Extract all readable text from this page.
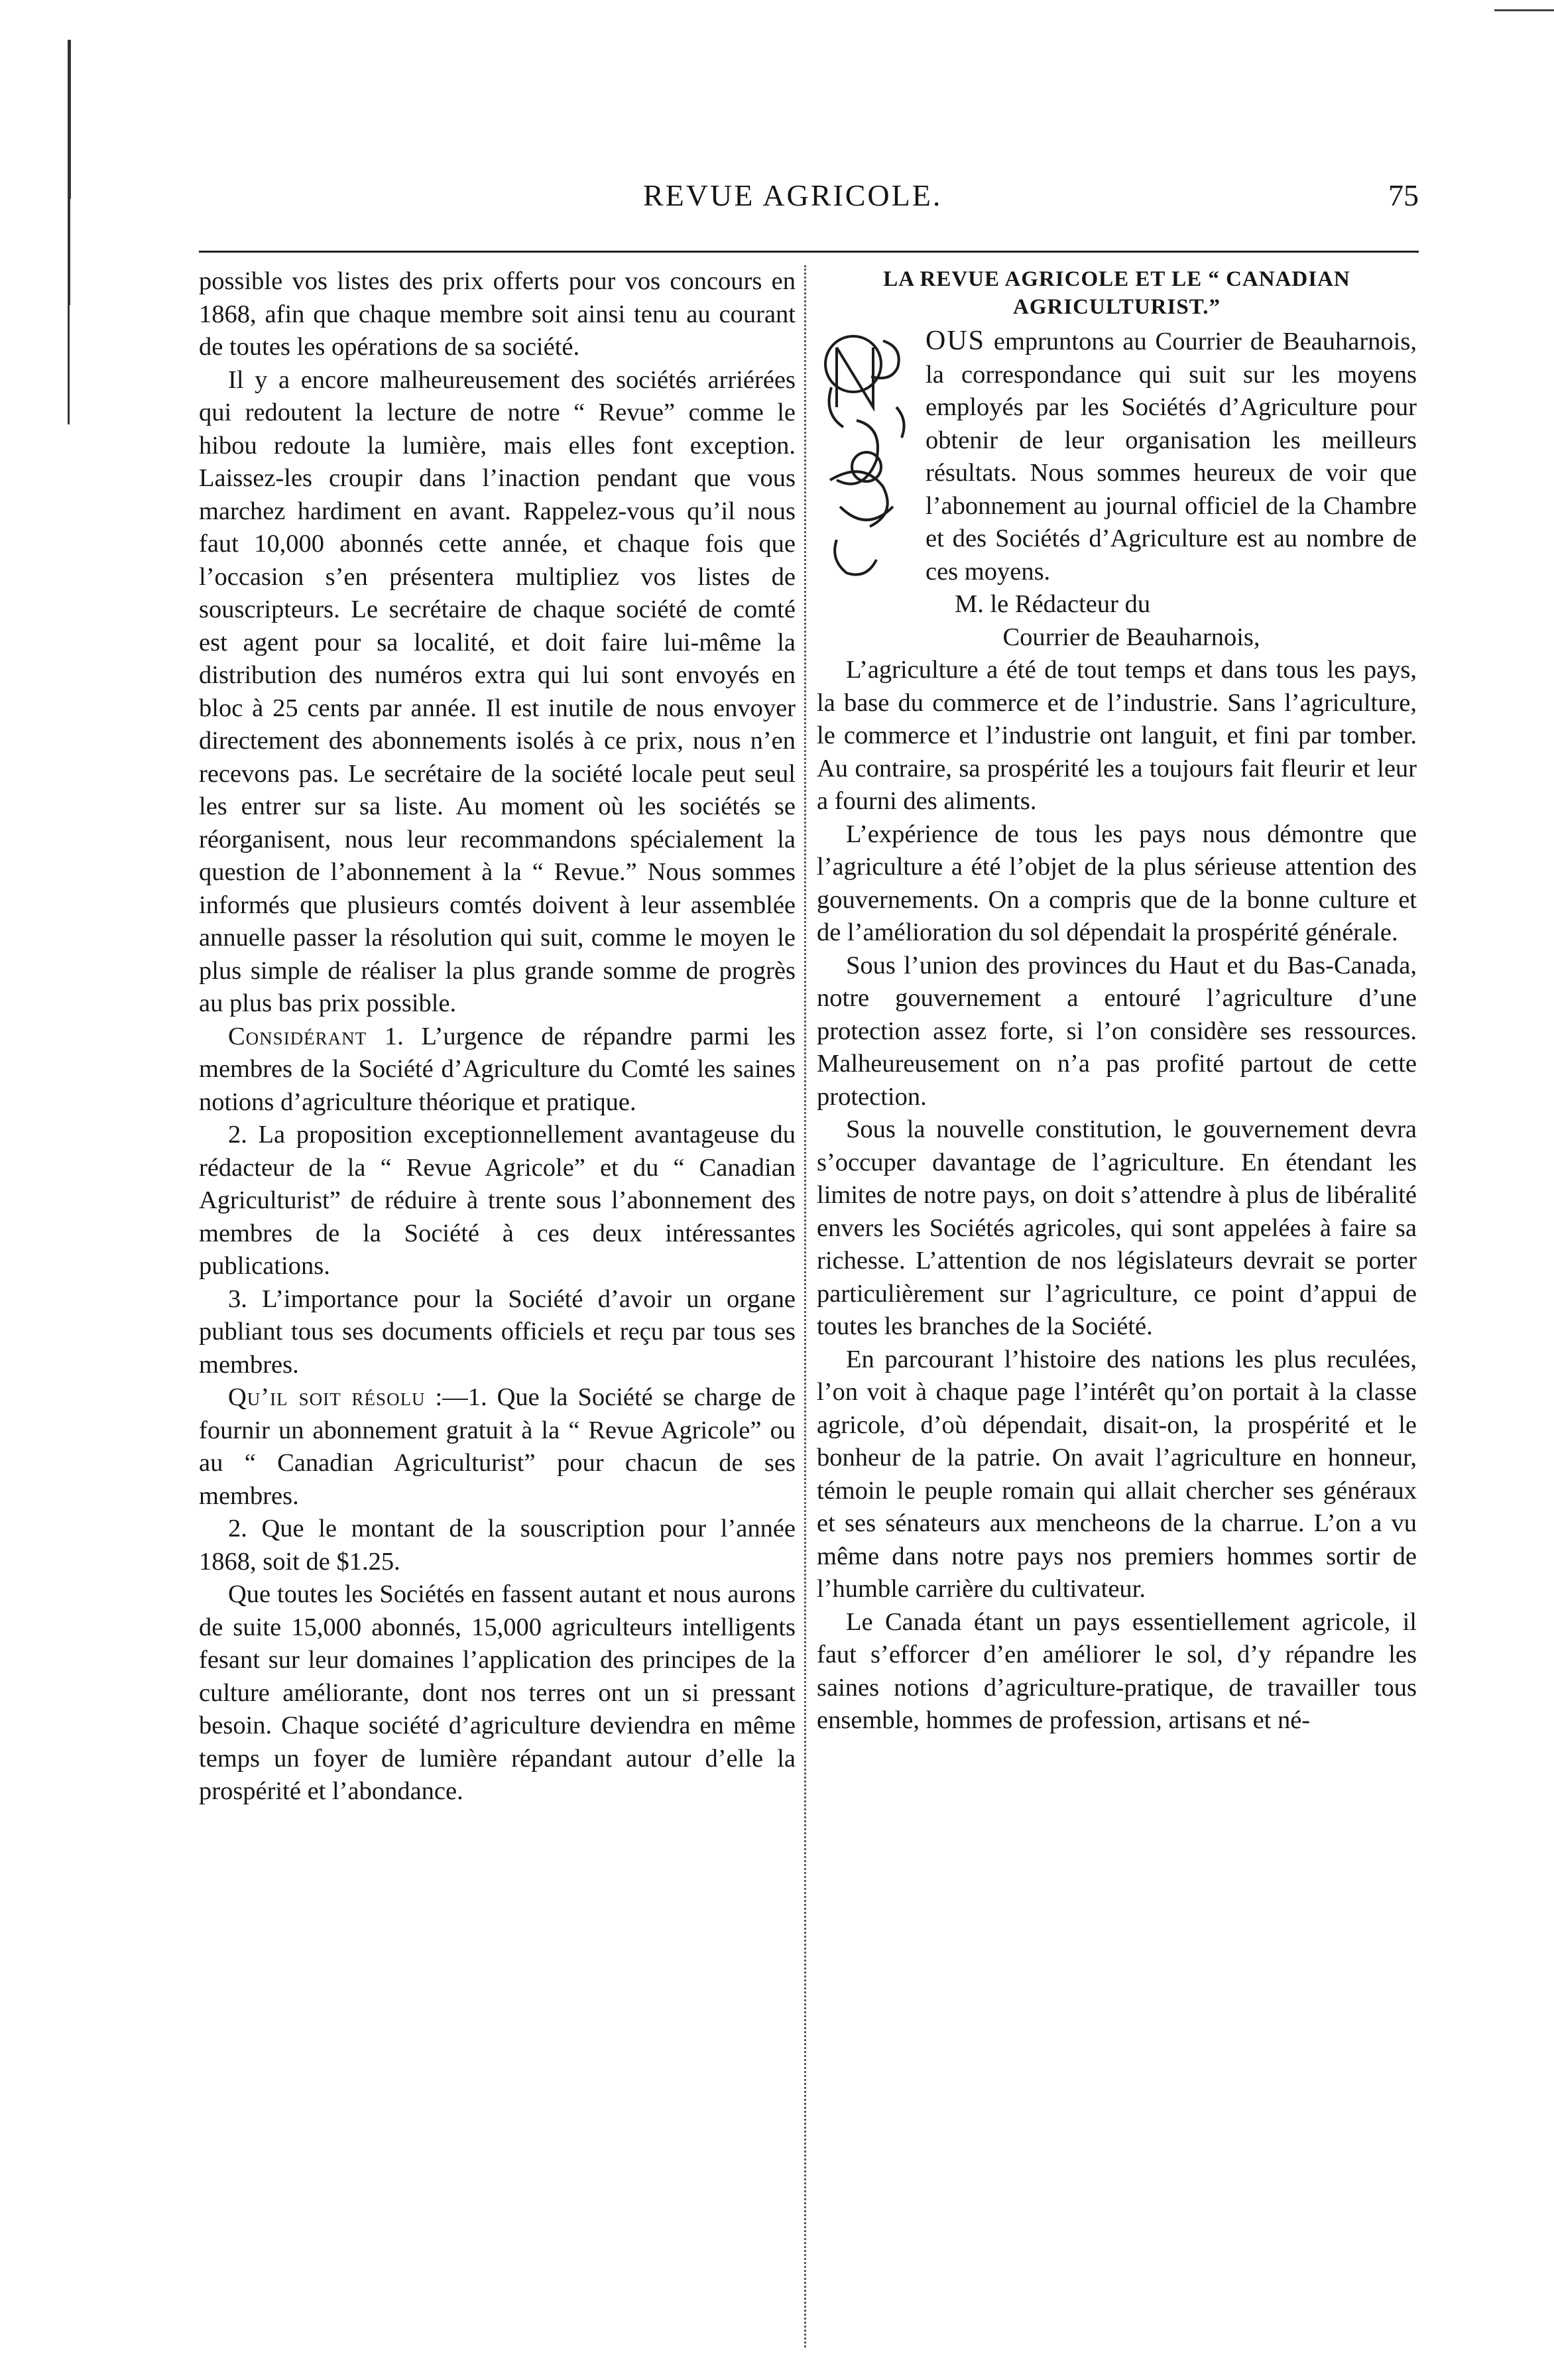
REVUE AGRICOLE.	75

possible vos listes des prix offerts pour vos concours en 1868, afin que chaque membre soit ainsi tenu au courant de toutes les opérations de sa société.

Il y a encore malheureusement des sociétés arriérées qui redoutent la lecture de notre “ Revue” comme le hibou redoute la lumière, mais elles font exception. Laissez-les croupir dans l’inaction pendant que vous marchez hardiment en avant. Rappelez-vous qu’il nous faut 10,000 abonnés cette année, et chaque fois que l’occasion s’en présentera multipliez vos listes de souscripteurs. Le secrétaire de chaque société de comté est agent pour sa localité, et doit faire lui-même la distribution des numéros extra qui lui sont envoyés en bloc à 25 cents par année. Il est inutile de nous envoyer directement des abonnements isolés à ce prix, nous n’en recevons pas. Le secrétaire de la société locale peut seul les entrer sur sa liste. Au moment où les sociétés se réorganisent, nous leur recommandons spécialement la question de l’abonnement à la “ Revue.” Nous sommes informés que plusieurs comtés doivent à leur assemblée annuelle passer la résolution qui suit, comme le moyen le plus simple de réaliser la plus grande somme de progrès au plus bas prix possible.

Considérant 1. L’urgence de répandre parmi les membres de la Société d’Agriculture du Comté les saines notions d’agriculture théorique et pratique.

2. La proposition exceptionnellement avantageuse du rédacteur de la “ Revue Agricole” et du “ Canadian Agriculturist” de réduire à trente sous l’abonnement des membres de la Société à ces deux intéressantes publications.

3. L’importance pour la Société d’avoir un organe publiant tous ses documents officiels et reçu par tous ses membres.

Qu’il soit résolu :—1. Que la Société se charge de fournir un abonnement gratuit à la “ Revue Agricole” ou au “ Canadian Agriculturist” pour chacun de ses membres.

2. Que le montant de la souscription pour l’année 1868, soit de $1.25.

Que toutes les Sociétés en fassent autant et nous aurons de suite 15,000 abonnés, 15,000 agriculteurs intelligents fesant sur leur domaines l’application des principes de la culture améliorante, dont nos terres ont un si pressant besoin. Chaque société d’agriculture deviendra en même temps un foyer de lumière répandant autour d’elle la prospérité et l’abondance.

LA REVUE AGRICOLE ET LE “ CANADIAN AGRICULTURIST.”

OUS empruntons au Courrier de Beauharnois, la correspondance qui suit sur les moyens employés par les Sociétés d’Agriculture pour obtenir de leur organisation les meilleurs résultats. Nous sommes heureux de voir que l’abonnement au journal officiel de la Chambre et des Sociétés d’Agriculture est au nombre de ces moyens.

M. le Rédacteur du

Courrier de Beauharnois,

L’agriculture a été de tout temps et dans tous les pays, la base du commerce et de l’industrie. Sans l’agriculture, le commerce et l’industrie ont languit, et fini par tomber. Au contraire, sa prospérité les a toujours fait fleurir et leur a fourni des aliments.

L’expérience de tous les pays nous démontre que l’agriculture a été l’objet de la plus sérieuse attention des gouvernements. On a compris que de la bonne culture et de l’amélioration du sol dépendait la prospérité générale.

Sous l’union des provinces du Haut et du Bas-Canada, notre gouvernement a entouré l’agriculture d’une protection assez forte, si l’on considère ses ressources. Malheureusement on n’a pas profité partout de cette protection.

Sous la nouvelle constitution, le gouvernement devra s’occuper davantage de l’agriculture. En étendant les limites de notre pays, on doit s’attendre à plus de libéralité envers les Sociétés agricoles, qui sont appelées à faire sa richesse. L’attention de nos législateurs devrait se porter particulièrement sur l’agriculture, ce point d’appui de toutes les branches de la Société.

En parcourant l’histoire des nations les plus reculées, l’on voit à chaque page l’intérêt qu’on portait à la classe agricole, d’où dépendait, disait-on, la prospérité et le bonheur de la patrie. On avait l’agriculture en honneur, témoin le peuple romain qui allait chercher ses généraux et ses sénateurs aux mencheons de la charrue. L’on a vu même dans notre pays nos premiers hommes sortir de l’humble carrière du cultivateur.

Le Canada étant un pays essentiellement agricole, il faut s’efforcer d’en améliorer le sol, d’y répandre les saines notions d’agriculture-pratique, de travailler tous ensemble, hommes de profession, artisans et né-
